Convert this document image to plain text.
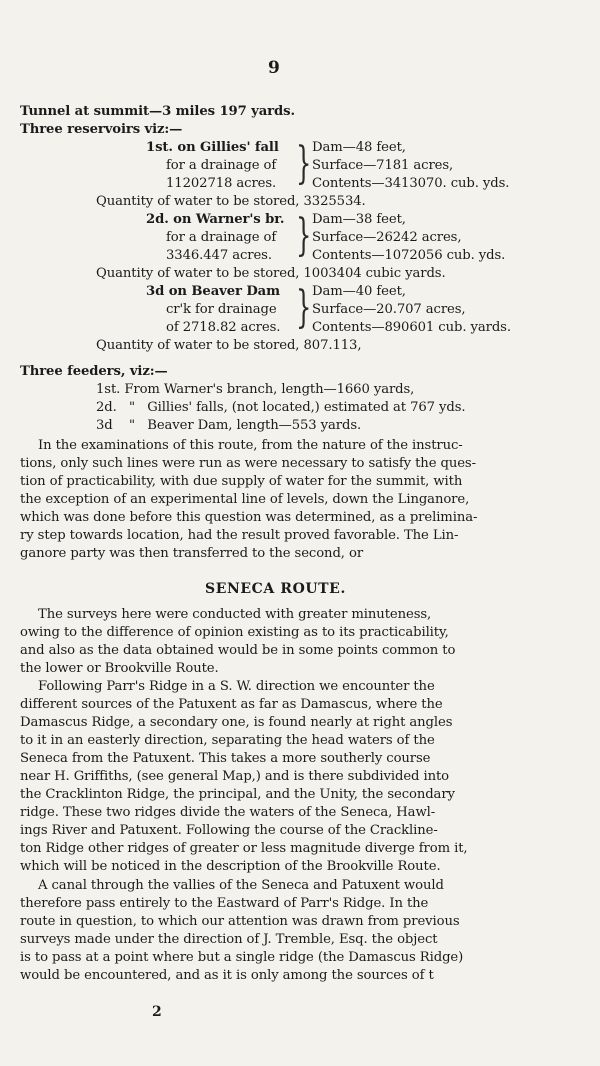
9
Tunnel at summit—3 miles 197 yards.
Three reservoirs viz:—
1st. on Gillies' fall
for a drainage of
11202718 acres. } Dam—48 feet,
Surface—7181 acres,
Contents—3413070. cub. yds.
Quantity of water to be stored, 3325534.
2d. on Warner's br.
for a drainage of
3346.447 acres. } Dam—38 feet,
Surface—26242 acres,
Contents—1072056 cub. yds.
Quantity of water to be stored, 1003404 cubic yards.
3d on Beaver Dam
cr'k for drainage
of 2718.82 acres. } Dam—40 feet,
Surface—20.707 acres,
Contents—890601 cub. yards.
Quantity of water to be stored, 807.113,
Three feeders, viz:—
1st. From Warner's branch, length—1660 yards,
2d.   "   Gillies' falls, (not located,) estimated at 767 yds.
3d    "   Beaver Dam, length—553 yards.
In the examinations of this route, from the nature of the instruc-
tions, only such lines were run as were necessary to satisfy the ques-
tion of practicability, with due supply of water for the summit, with
the exception of an experimental line of levels, down the Linganore,
which was done before this question was determined, as a prelimina-
ry step towards location, had the result proved favorable. The Lin-
ganore party was then transferred to the second, or
SENECA ROUTE.
The surveys here were conducted with greater minuteness,
owing to the difference of opinion existing as to its practicability,
and also as the data obtained would be in some points common to
the lower or Brookville Route.
Following Parr's Ridge in a S. W. direction we encounter the
different sources of the Patuxent as far as Damascus, where the
Damascus Ridge, a secondary one, is found nearly at right angles
to it in an easterly direction, separating the head waters of the
Seneca from the Patuxent. This takes a more southerly course
near H. Griffiths, (see general Map,) and is there subdivided into
the Cracklinton Ridge, the principal, and the Unity, the secondary
ridge. These two ridges divide the waters of the Seneca, Hawl-
ings River and Patuxent. Following the course of the Crackline-
ton Ridge other ridges of greater or less magnitude diverge from it,
which will be noticed in the description of the Brookville Route.
A canal through the vallies of the Seneca and Patuxent would
therefore pass entirely to the Eastward of Parr's Ridge. In the
route in question, to which our attention was drawn from previous
surveys made under the direction of J. Tremble, Esq. the object
is to pass at a point where but a single ridge (the Damascus Ridge)
would be encountered, and as it is only among the sources of t
2
